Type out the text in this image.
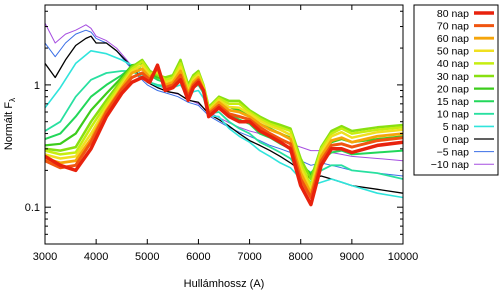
3000 4000 5000 6000 7000 8000 9000 10000
0.1
1
Hullámhossz (A)
Normált $F_\lambda$
80 nap
70 nap
60 nap
50 nap
40 nap
30 nap
20 nap
15 nap
10 nap
5 nap
0 nap
−5 nap
−10 nap
